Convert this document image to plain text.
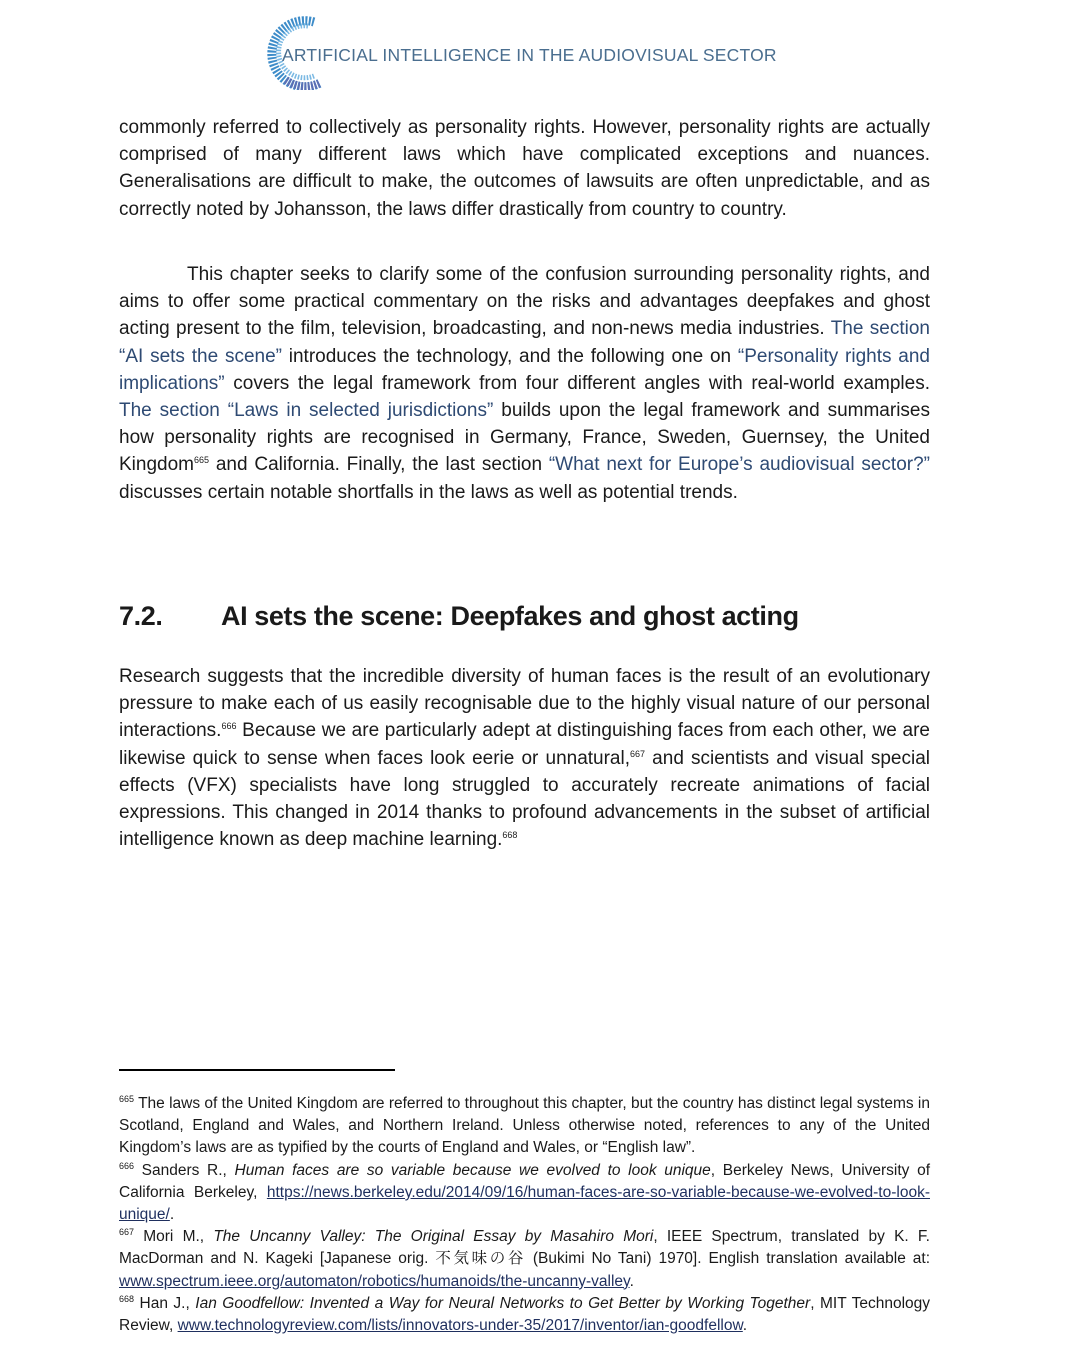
ARTIFICIAL INTELLIGENCE IN THE AUDIOVISUAL SECTOR

commonly referred to collectively as personality rights. However, personality rights are actually comprised of many different laws which have complicated exceptions and nuances. Generalisations are difficult to make, the outcomes of lawsuits are often unpredictable, and as correctly noted by Johansson, the laws differ drastically from country to country.

This chapter seeks to clarify some of the confusion surrounding personality rights, and aims to offer some practical commentary on the risks and advantages deepfakes and ghost acting present to the film, television, broadcasting, and non-news media industries. The section “AI sets the scene” introduces the technology, and the following one on “Personality rights and implications” covers the legal framework from four different angles with real-world examples. The section “Laws in selected jurisdictions” builds upon the legal framework and summarises how personality rights are recognised in Germany, France, Sweden, Guernsey, the United Kingdom$^{665}$ and California. Finally, the last section “What next for Europe’s audiovisual sector?” discusses certain notable shortfalls in the laws as well as potential trends.

7.2. AI sets the scene: Deepfakes and ghost acting

Research suggests that the incredible diversity of human faces is the result of an evolutionary pressure to make each of us easily recognisable due to the highly visual nature of our personal interactions.$^{666}$ Because we are particularly adept at distinguishing faces from each other, we are likewise quick to sense when faces look eerie or unnatural,$^{667}$ and scientists and visual special effects (VFX) specialists have long struggled to accurately recreate animations of facial expressions. This changed in 2014 thanks to profound advancements in the subset of artificial intelligence known as deep machine learning.$^{668}$

$^{665}$ The laws of the United Kingdom are referred to throughout this chapter, but the country has distinct legal systems in Scotland, England and Wales, and Northern Ireland. Unless otherwise noted, references to any of the United Kingdom’s laws are as typified by the courts of England and Wales, or “English law”.

$^{666}$ Sanders R., Human faces are so variable because we evolved to look unique, Berkeley News, University of California Berkeley, https://news.berkeley.edu/2014/09/16/human-faces-are-so-variable-because-we-evolved-to-look-unique/.

$^{667}$ Mori M., The Uncanny Valley: The Original Essay by Masahiro Mori, IEEE Spectrum, translated by K. F. MacDorman and N. Kageki [Japanese orig. 不気味の谷 (Bukimi No Tani) 1970]. English translation available at: www.spectrum.ieee.org/automaton/robotics/humanoids/the-uncanny-valley.

$^{668}$ Han J., Ian Goodfellow: Invented a Way for Neural Networks to Get Better by Working Together, MIT Technology Review, www.technologyreview.com/lists/innovators-under-35/2017/inventor/ian-goodfellow.
